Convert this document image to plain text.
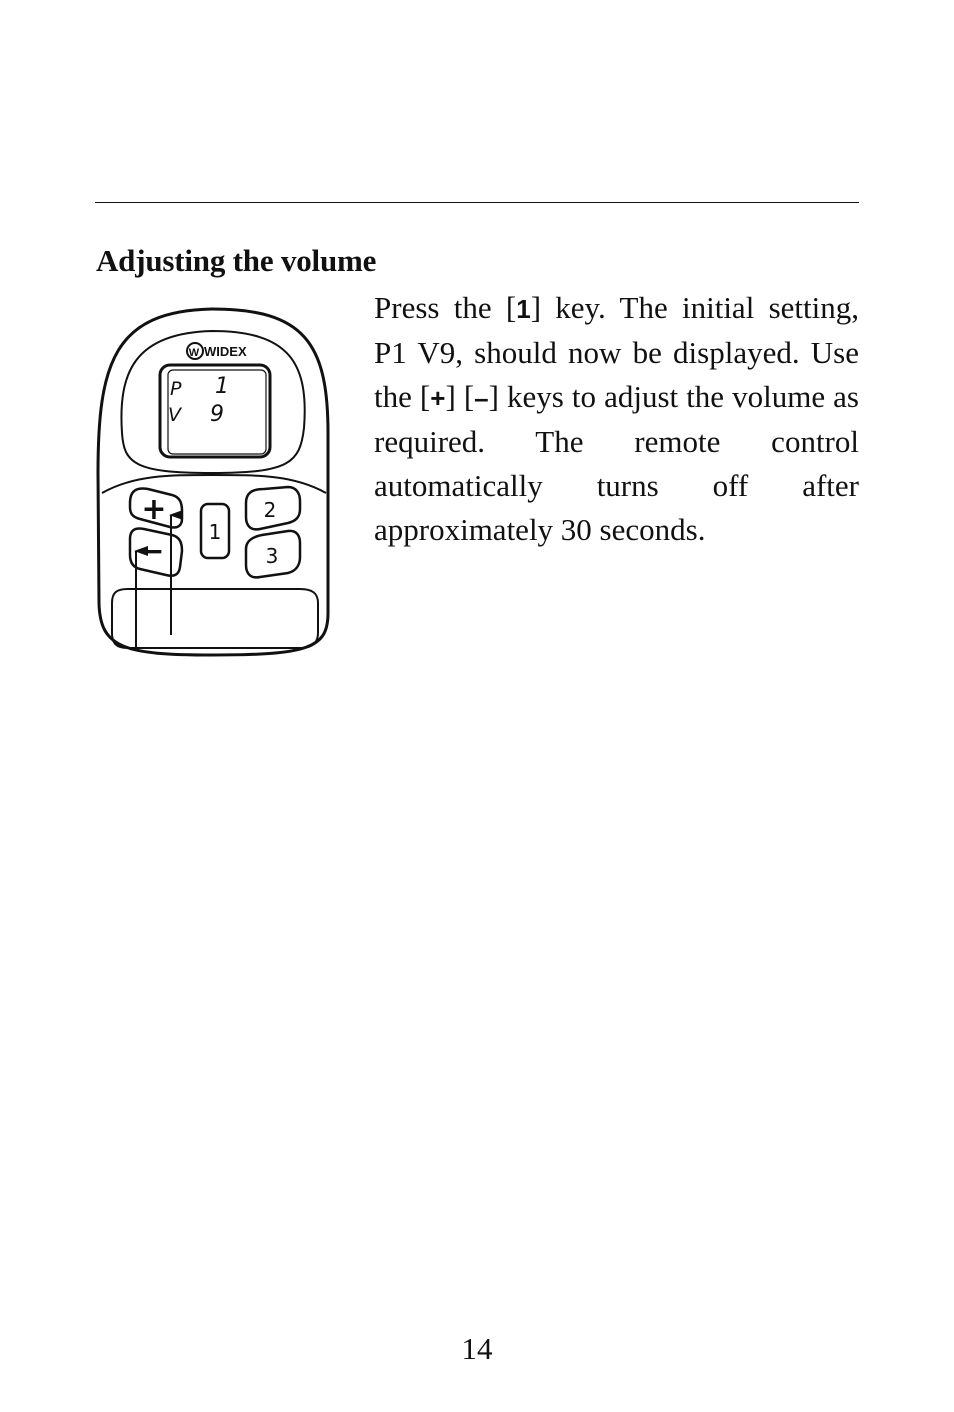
Adjusting the volume

Press the [1] key. The initial setting, P1 V9, should now be displayed. Use the [+] [–] keys to adjust the volume as required. The remote control automatically turns off after approximately 30 seconds.

W WIDEX
P 1
V 9
+
−
1
2
3

14
